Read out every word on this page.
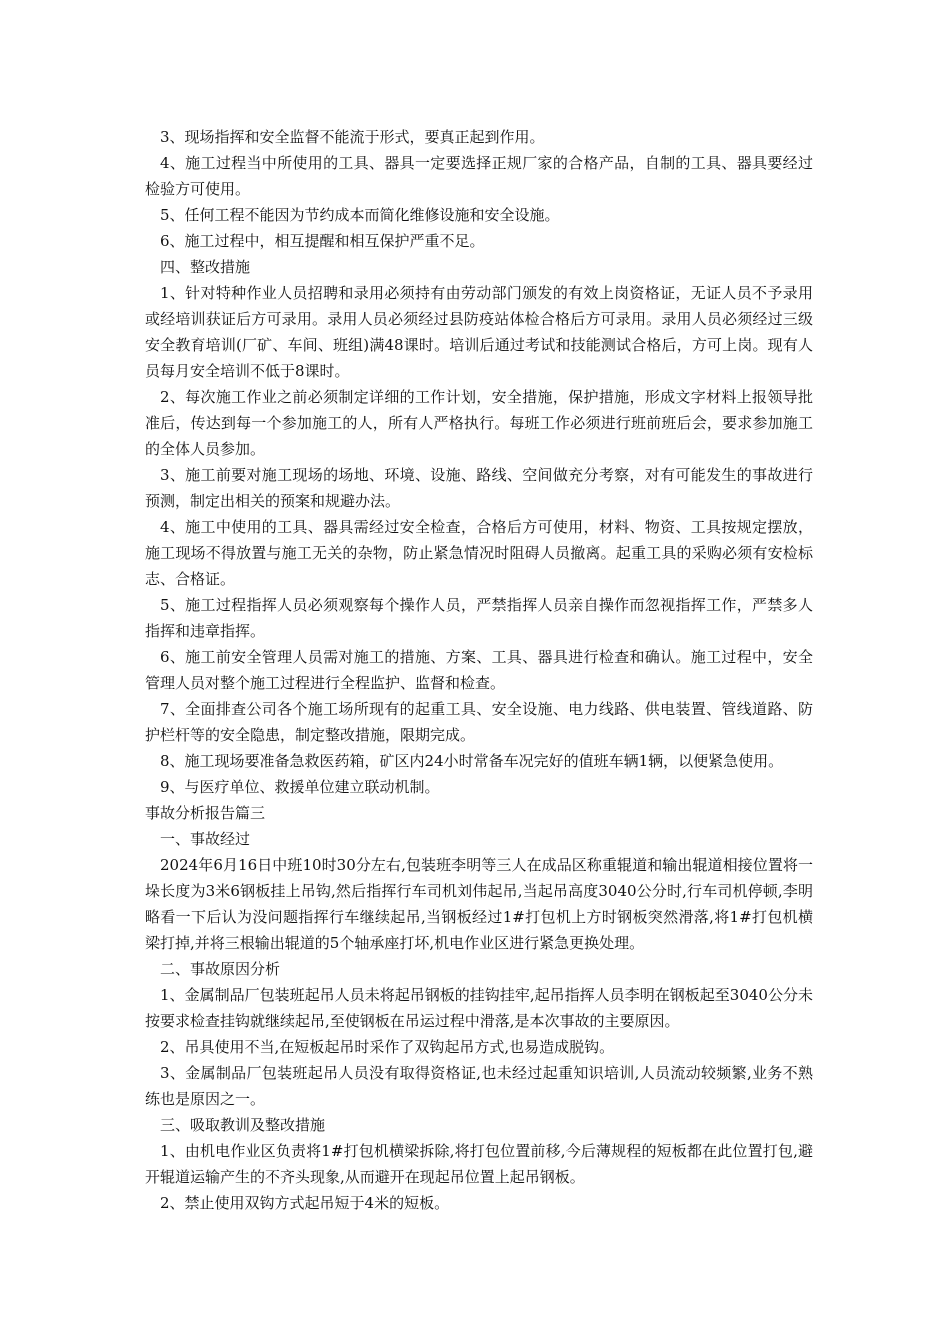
3、现场指挥和安全监督不能流于形式，要真正起到作用。

4、施工过程当中所使用的工具、器具一定要选择正规厂家的合格产品，自制的工具、器具要经过检验方可使用。

5、任何工程不能因为节约成本而简化维修设施和安全设施。

6、施工过程中，相互提醒和相互保护严重不足。

四、整改措施

1、针对特种作业人员招聘和录用必须持有由劳动部门颁发的有效上岗资格证，无证人员不予录用或经培训获证后方可录用。录用人员必须经过县防疫站体检合格后方可录用。录用人员必须经过三级安全教育培训(厂矿、车间、班组)满48课时。培训后通过考试和技能测试合格后，方可上岗。现有人员每月安全培训不低于8课时。

2、每次施工作业之前必须制定详细的工作计划，安全措施，保护措施，形成文字材料上报领导批准后，传达到每一个参加施工的人，所有人严格执行。每班工作必须进行班前班后会，要求参加施工的全体人员参加。

3、施工前要对施工现场的场地、环境、设施、路线、空间做充分考察，对有可能发生的事故进行预测，制定出相关的预案和规避办法。

4、施工中使用的工具、器具需经过安全检查，合格后方可使用，材料、物资、工具按规定摆放，施工现场不得放置与施工无关的杂物，防止紧急情况时阻碍人员撤离。起重工具的采购必须有安检标志、合格证。

5、施工过程指挥人员必须观察每个操作人员，严禁指挥人员亲自操作而忽视指挥工作，严禁多人指挥和违章指挥。

6、施工前安全管理人员需对施工的措施、方案、工具、器具进行检查和确认。施工过程中，安全管理人员对整个施工过程进行全程监护、监督和检查。

7、全面排查公司各个施工场所现有的起重工具、安全设施、电力线路、供电装置、管线道路、防护栏杆等的安全隐患，制定整改措施，限期完成。

8、施工现场要准备急救医药箱，矿区内24小时常备车况完好的值班车辆1辆，以便紧急使用。

9、与医疗单位、救援单位建立联动机制。

事故分析报告篇三

一、事故经过

2024年6月16日中班10时30分左右,包装班李明等三人在成品区称重辊道和输出辊道相接位置将一垛长度为3米6钢板挂上吊钩,然后指挥行车司机刘伟起吊,当起吊高度3040公分时,行车司机停顿,李明略看一下后认为没问题指挥行车继续起吊,当钢板经过1#打包机上方时钢板突然滑落,将1#打包机横梁打掉,并将三根输出辊道的5个轴承座打坏,机电作业区进行紧急更换处理。

二、事故原因分析

1、金属制品厂包装班起吊人员未将起吊钢板的挂钩挂牢,起吊指挥人员李明在钢板起至3040公分未按要求检查挂钩就继续起吊,至使钢板在吊运过程中滑落,是本次事故的主要原因。

2、吊具使用不当,在短板起吊时采作了双钩起吊方式,也易造成脱钩。

3、金属制品厂包装班起吊人员没有取得资格证,也未经过起重知识培训,人员流动较频繁,业务不熟练也是原因之一。

三、吸取教训及整改措施

1、由机电作业区负责将1#打包机横梁拆除,将打包位置前移,今后薄规程的短板都在此位置打包,避开辊道运输产生的不齐头现象,从而避开在现起吊位置上起吊钢板。

2、禁止使用双钩方式起吊短于4米的短板。
